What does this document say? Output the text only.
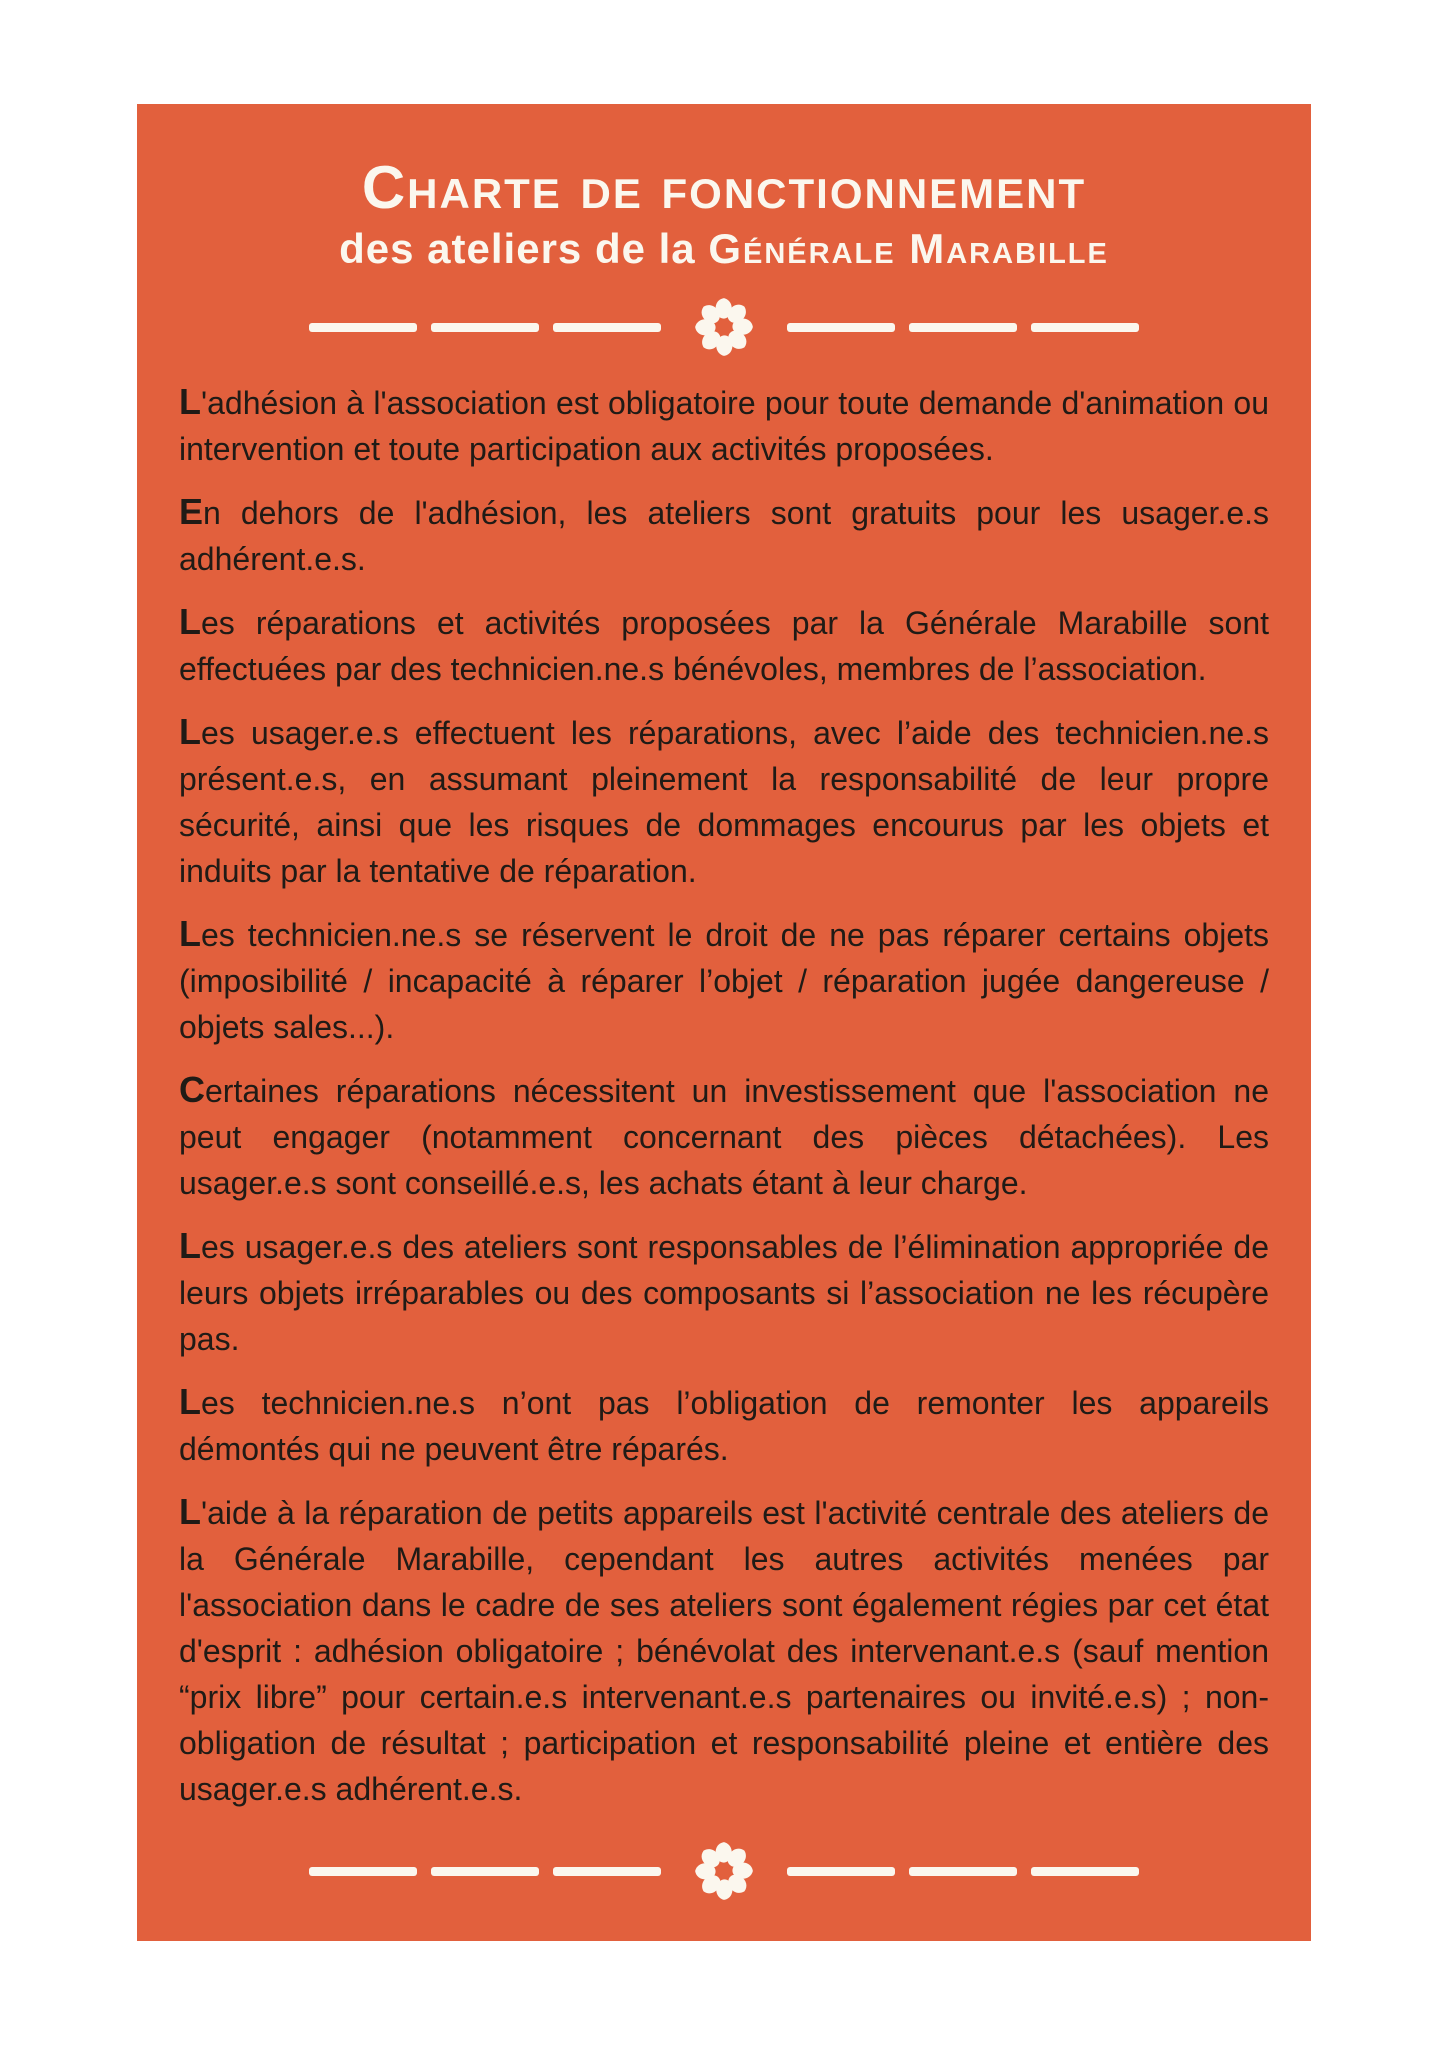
Charte de fonctionnement
des ateliers de la Générale Marabille

L'adhésion à l'association est obligatoire pour toute demande d'animation ou intervention et toute participation aux activités proposées.

En dehors de l'adhésion, les ateliers sont gratuits pour les usager.e.s adhérent.e.s.

Les réparations et activités proposées par la Générale Marabille sont effectuées par des technicien.ne.s bénévoles, membres de l’association.

Les usager.e.s effectuent les réparations, avec l’aide des technicien.ne.s présent.e.s, en assumant pleinement la responsabilité de leur propre sécurité, ainsi que les risques de dommages encourus par les objets et induits par la tentative de réparation.

Les technicien.ne.s se réservent le droit de ne pas réparer certains objets (imposibilité / incapacité à réparer l’objet / réparation jugée dangereuse / objets sales...).

Certaines réparations nécessitent un investissement que l'association ne peut engager (notamment concernant des pièces détachées). Les usager.e.s sont conseillé.e.s, les achats étant à leur charge.

Les usager.e.s des ateliers sont responsables de l’élimination appropriée de leurs objets irréparables ou des composants si l’association ne les récupère pas.

Les technicien.ne.s n’ont pas l’obligation de remonter les appareils démontés qui ne peuvent être réparés.

L'aide à la réparation de petits appareils est l'activité centrale des ateliers de la Générale Marabille, cependant les autres activités menées par l'association dans le cadre de ses ateliers sont également régies par cet état d'esprit : adhésion obligatoire ; bénévolat des intervenant.e.s (sauf mention “prix libre” pour certain.e.s intervenant.e.s partenaires ou invité.e.s) ; non-obligation de résultat ; participation et responsabilité pleine et entière des usager.e.s adhérent.e.s.
